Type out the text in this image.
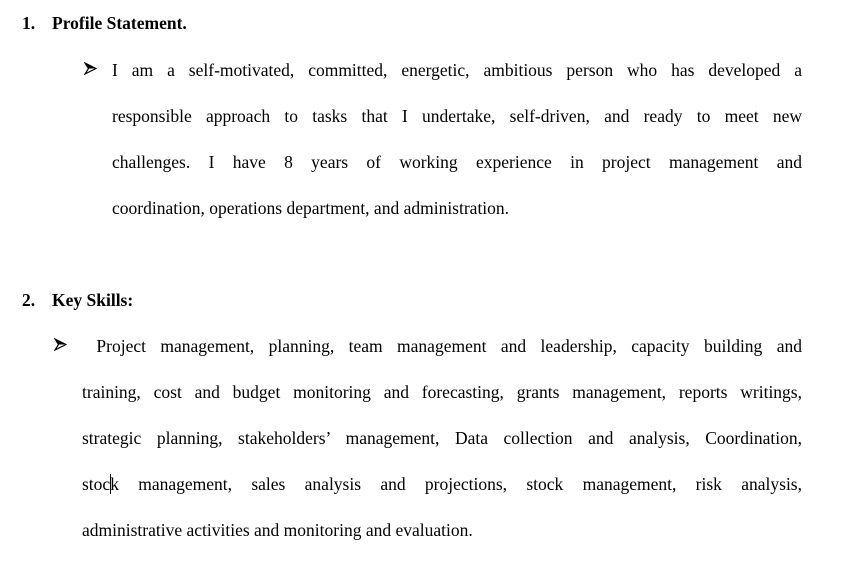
1. Profile Statement.
I am a self-motivated, committed, energetic, ambitious person who has developed a
responsible approach to tasks that I undertake, self-driven, and ready to meet new
challenges. I have 8 years of working experience in project management and
coordination, operations department, and administration.
2. Key Skills:
Project management, planning, team management and leadership, capacity building and
training, cost and budget monitoring and forecasting, grants management, reports writings,
strategic planning, stakeholders’ management, Data collection and analysis, Coordination,
stock management, sales analysis and projections, stock management, risk analysis,
administrative activities and monitoring and evaluation.
